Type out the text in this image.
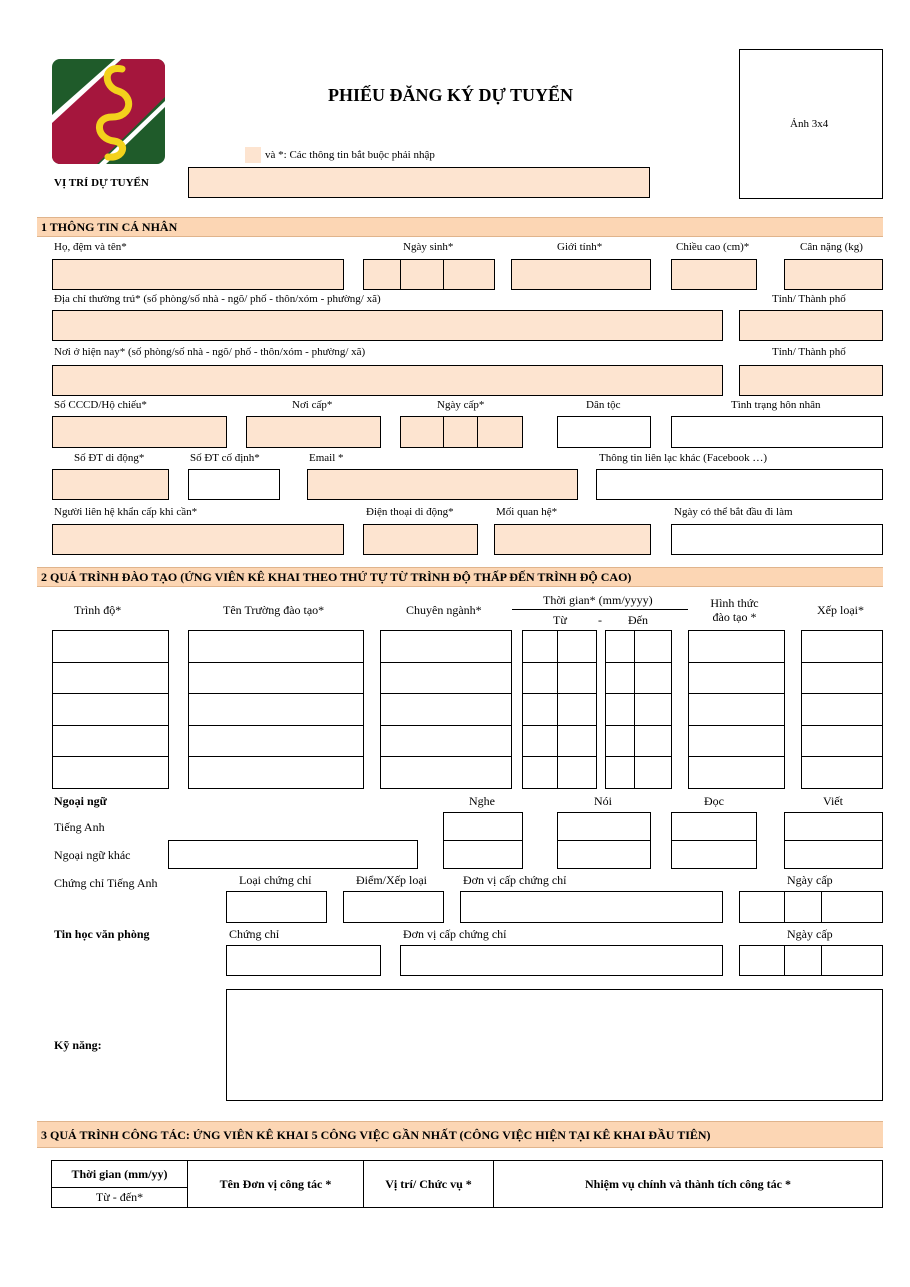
PHIẾU ĐĂNG KÝ DỰ TUYỂN
Ảnh 3x4
và *: Các thông tin bắt buộc phải nhập
VỊ TRÍ DỰ TUYỂN
1 THÔNG TIN CÁ NHÂN
Họ, đệm và tên*	Ngày sinh*	Giới tính*	Chiều cao (cm)*	Cân nặng (kg)
Địa chỉ thường trú* (số phòng/số nhà - ngõ/ phố - thôn/xóm - phường/ xã)	Tỉnh/ Thành phố
Nơi ở hiện nay* (số phòng/số nhà - ngõ/ phố - thôn/xóm - phường/ xã)	Tỉnh/ Thành phố
Số CCCD/Hộ chiếu*	Nơi cấp*	Ngày cấp*	Dân tộc	Tình trạng hôn nhân
Số ĐT di động*	Số ĐT cố định*	Email *	Thông tin liên lạc khác (Facebook …)
Người liên hệ khẩn cấp khi cần*	Điện thoại di động*	Mối quan hệ*	Ngày có thể bắt đầu đi làm
2 QUÁ TRÌNH ĐÀO TẠO (ỨNG VIÊN KÊ KHAI THEO THỨ TỰ TỪ TRÌNH ĐỘ THẤP ĐẾN TRÌNH ĐỘ CAO)
Trình độ*	Tên Trường đào tạo*	Chuyên ngành*
Thời gian* (mm/yyyy)
Từ	- Đến
Hình thức
đào tạo *	Xếp loại*
Ngoại ngữ	Nghe	Nói	Đọc	Viết
Tiếng Anh
Ngoại ngữ khác
Chứng chỉ Tiếng Anh	Loại chứng chỉ	Điểm/Xếp loại	Đơn vị cấp chứng chỉ	Ngày cấp
Tin học văn phòng	Chứng chỉ	Đơn vị cấp chứng chỉ	Ngày cấp
Kỹ năng:
3 QUÁ TRÌNH CÔNG TÁC: ỨNG VIÊN KÊ KHAI 5 CÔNG VIỆC GẦN NHẤT (CÔNG VIỆC HIỆN TẠI KÊ KHAI ĐẦU TIÊN)
Thời gian (mm/yy)
Từ - đến*
Tên Đơn vị công tác *	Vị trí/ Chức vụ *	Nhiệm vụ chính và thành tích công tác *
